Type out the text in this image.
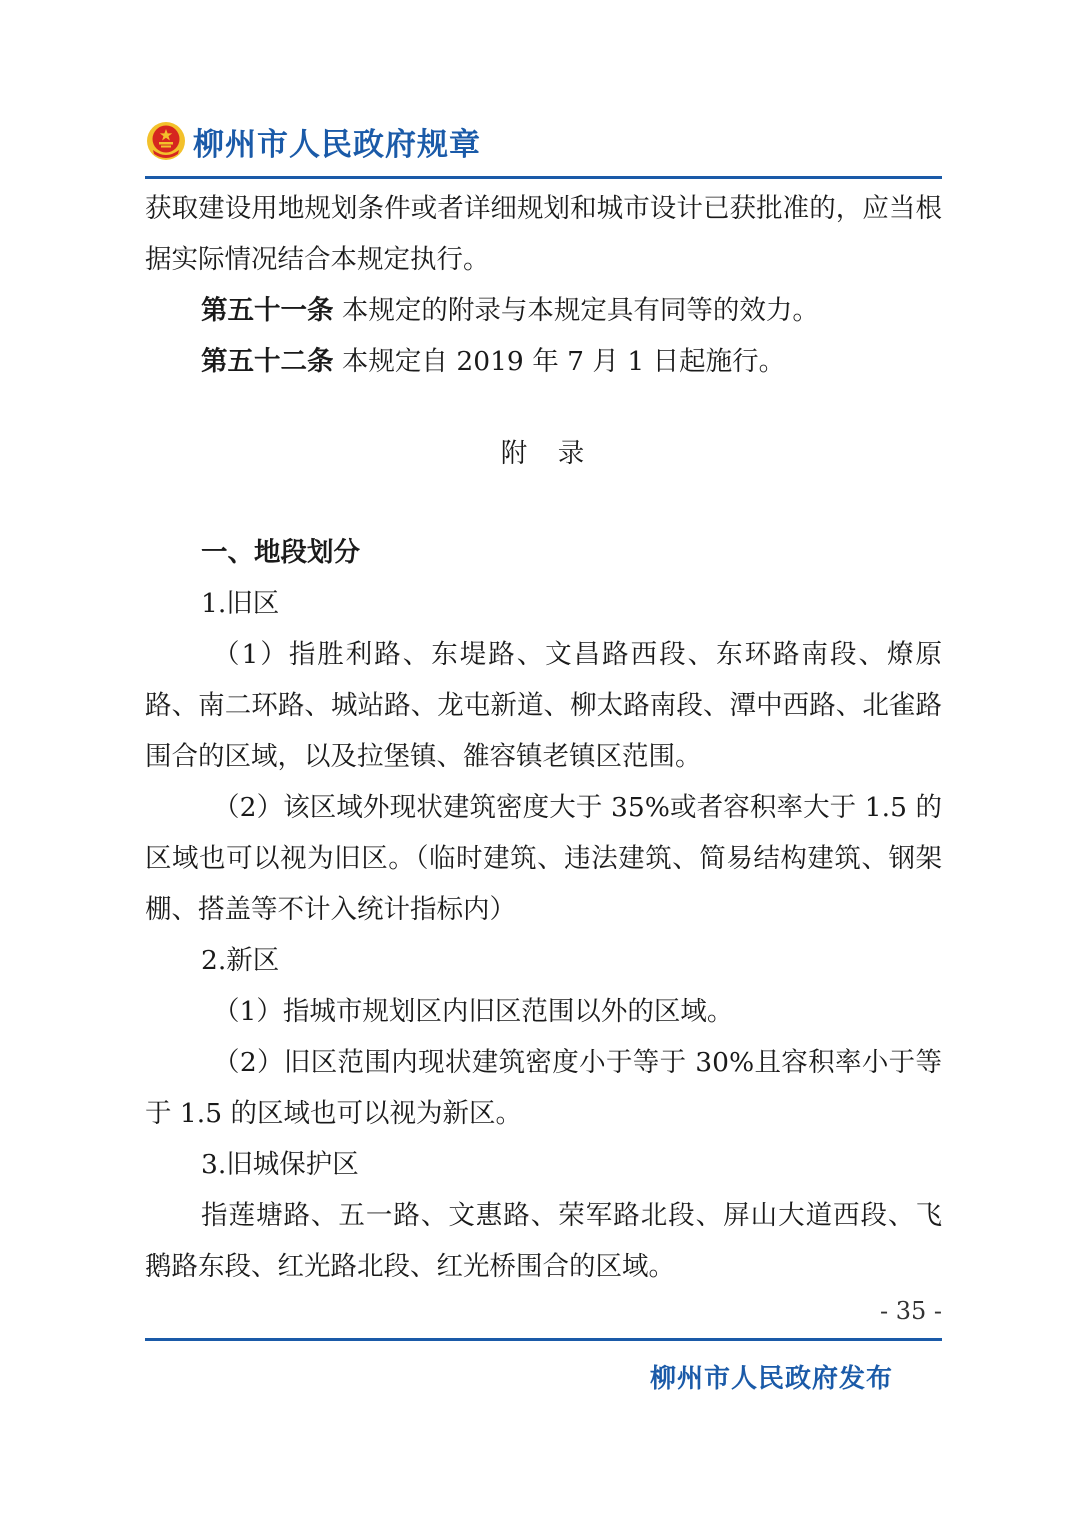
柳州市人民政府规章

获取建设用地规划条件或者详细规划和城市设计已获批准的，应当根据实际情况结合本规定执行。

第五十一条 本规定的附录与本规定具有同等的效力。

第五十二条 本规定自 2019 年 7 月 1 日起施行。

附　录

一、地段划分

1.旧区

（1）指胜利路、东堤路、文昌路西段、东环路南段、燎原路、南二环路、城站路、龙屯新道、柳太路南段、潭中西路、北雀路围合的区域，以及拉堡镇、雒容镇老镇区范围。

（2）该区域外现状建筑密度大于 35%或者容积率大于 1.5 的区域也可以视为旧区。（临时建筑、违法建筑、简易结构建筑、钢架棚、搭盖等不计入统计指标内）

2.新区

（1）指城市规划区内旧区范围以外的区域。

（2）旧区范围内现状建筑密度小于等于 30%且容积率小于等于 1.5 的区域也可以视为新区。

3.旧城保护区

指莲塘路、五一路、文惠路、荣军路北段、屏山大道西段、飞鹅路东段、红光路北段、红光桥围合的区域。

- 35 -
柳州市人民政府发布
